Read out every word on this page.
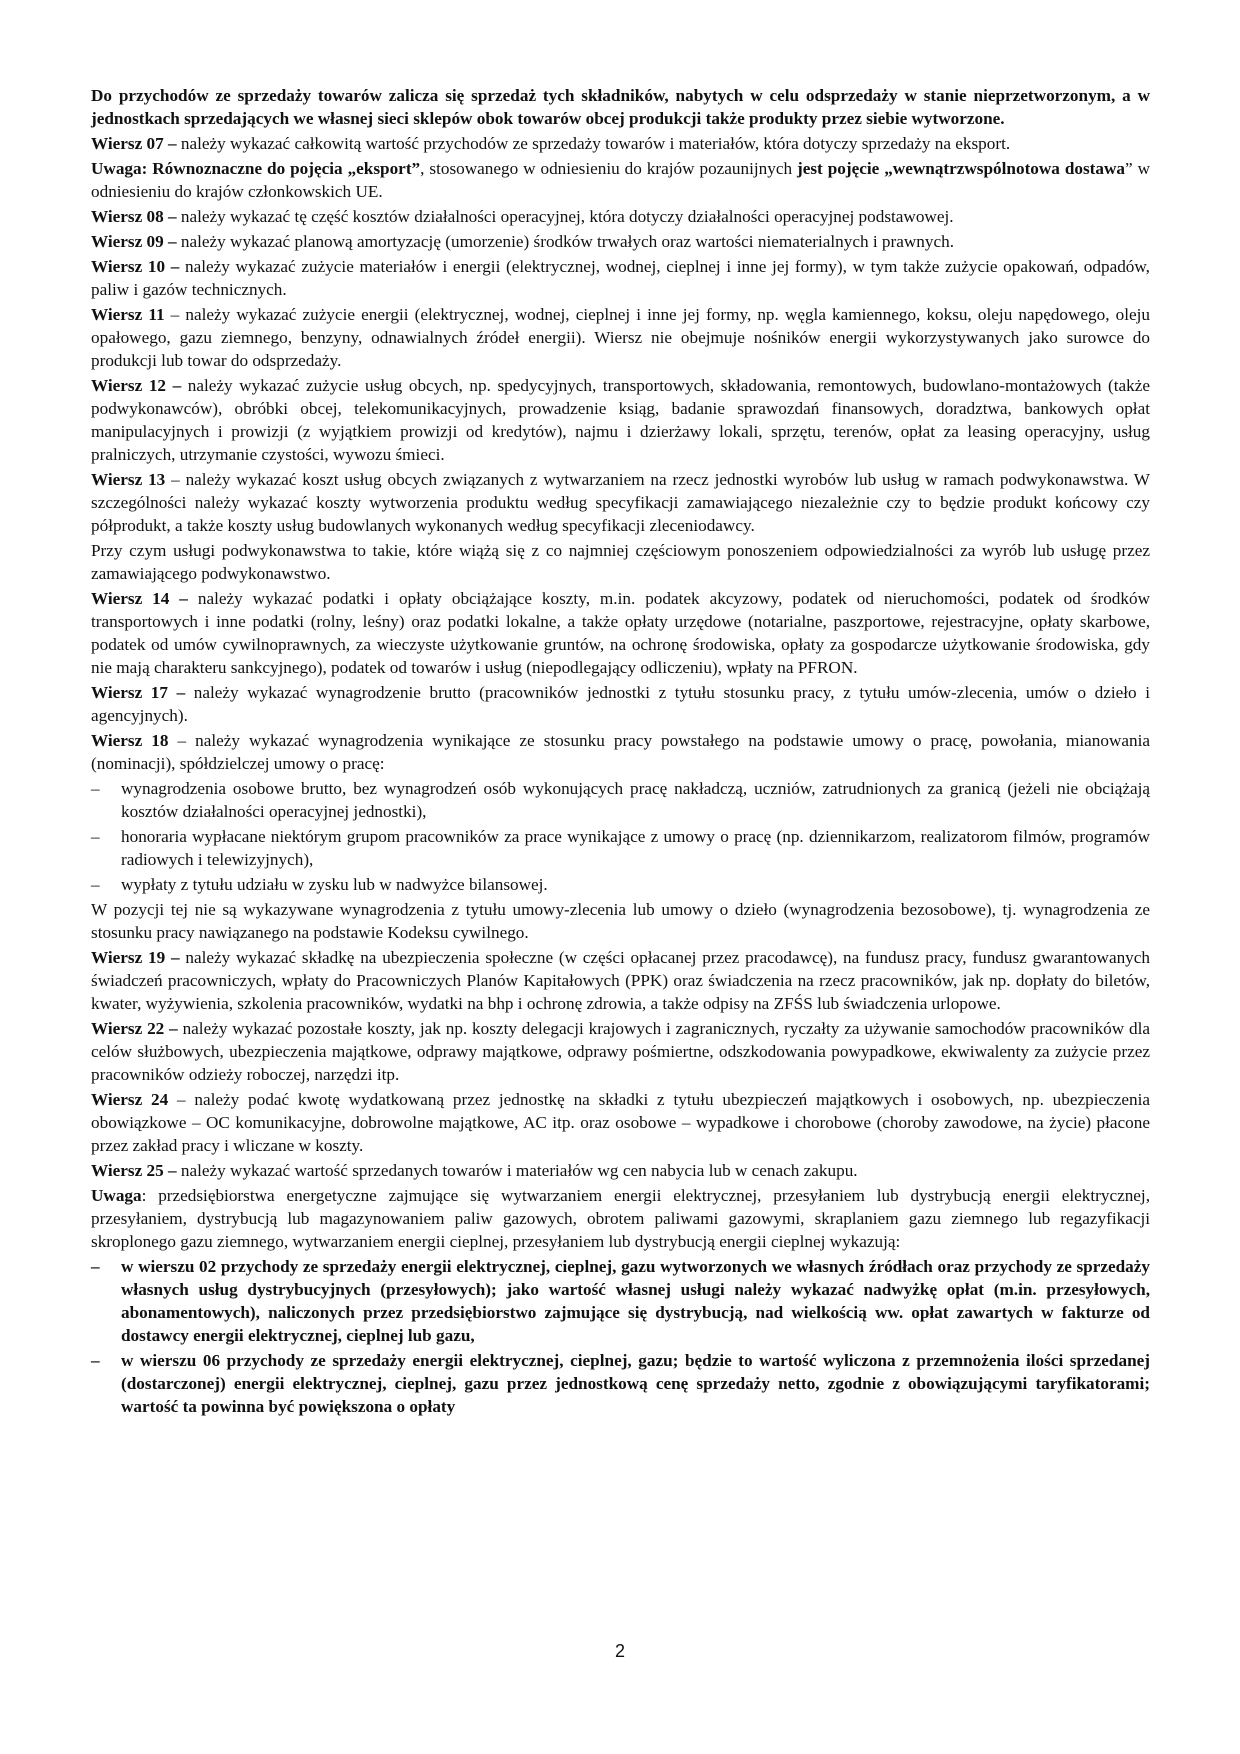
Do przychodów ze sprzedaży towarów zalicza się sprzedaż tych składników, nabytych w celu odsprzedaży w stanie nieprzetworzonym, a w jednostkach sprzedających we własnej sieci sklepów obok towarów obcej produkcji także produkty przez siebie wytworzone.

Wiersz 07 – należy wykazać całkowitą wartość przychodów ze sprzedaży towarów i materiałów, która dotyczy sprzedaży na eksport.

Uwaga: Równoznaczne do pojęcia „eksport”, stosowanego w odniesieniu do krajów pozaunijnych jest pojęcie „wewnątrzwspólnotowa dostawa” w odniesieniu do krajów członkowskich UE.

Wiersz 08 – należy wykazać tę część kosztów działalności operacyjnej, która dotyczy działalności operacyjnej podstawowej.

Wiersz 09 – należy wykazać planową amortyzację (umorzenie) środków trwałych oraz wartości niematerialnych i prawnych.

Wiersz 10 – należy wykazać zużycie materiałów i energii (elektrycznej, wodnej, cieplnej i inne jej formy), w tym także zużycie opakowań, odpadów, paliw i gazów technicznych.

Wiersz 11 – należy wykazać zużycie energii (elektrycznej, wodnej, cieplnej i inne jej formy, np. węgla kamiennego, koksu, oleju napędowego, oleju opałowego, gazu ziemnego, benzyny, odnawialnych źródeł energii). Wiersz nie obejmuje nośników energii wykorzystywanych jako surowce do produkcji lub towar do odsprzedaży.

Wiersz 12 – należy wykazać zużycie usług obcych, np. spedycyjnych, transportowych, składowania, remontowych, budowlano-montażowych (także podwykonawców), obróbki obcej, telekomunikacyjnych, prowadzenie ksiąg, badanie sprawozdań finansowych, doradztwa, bankowych opłat manipulacyjnych i prowizji (z wyjątkiem prowizji od kredytów), najmu i dzierżawy lokali, sprzętu, terenów, opłat za leasing operacyjny, usług pralniczych, utrzymanie czystości, wywozu śmieci.

Wiersz 13 – należy wykazać koszt usług obcych związanych z wytwarzaniem na rzecz jednostki wyrobów lub usług w ramach podwykonawstwa. W szczególności należy wykazać koszty wytworzenia produktu według specyfikacji zamawiającego niezależnie czy to będzie produkt końcowy czy półprodukt, a także koszty usług budowlanych wykonanych według specyfikacji zleceniodawcy.

Przy czym usługi podwykonawstwa to takie, które wiążą się z co najmniej częściowym ponoszeniem odpowiedzialności za wyrób lub usługę przez zamawiającego podwykonawstwo.

Wiersz 14 – należy wykazać podatki i opłaty obciążające koszty, m.in. podatek akcyzowy, podatek od nieruchomości, podatek od środków transportowych i inne podatki (rolny, leśny) oraz podatki lokalne, a także opłaty urzędowe (notarialne, paszportowe, rejestracyjne, opłaty skarbowe, podatek od umów cywilnoprawnych, za wieczyste użytkowanie gruntów, na ochronę środowiska, opłaty za gospodarcze użytkowanie środowiska, gdy nie mają charakteru sankcyjnego), podatek od towarów i usług (niepodlegający odliczeniu), wpłaty na PFRON.

Wiersz 17 – należy wykazać wynagrodzenie brutto (pracowników jednostki z tytułu stosunku pracy, z tytułu umów-zlecenia, umów o dzieło i agencyjnych).

Wiersz 18 – należy wykazać wynagrodzenia wynikające ze stosunku pracy powstałego na podstawie umowy o pracę, powołania, mianowania (nominacji), spółdzielczej umowy o pracę:

–	wynagrodzenia osobowe brutto, bez wynagrodzeń osób wykonujących pracę nakładczą, uczniów, zatrudnionych za granicą (jeżeli nie obciążają kosztów działalności operacyjnej jednostki),
–	honoraria wypłacane niektórym grupom pracowników za prace wynikające z umowy o pracę (np. dziennikarzom, realizatorom filmów, programów radiowych i telewizyjnych),
–	wypłaty z tytułu udziału w zysku lub w nadwyżce bilansowej.

W pozycji tej nie są wykazywane wynagrodzenia z tytułu umowy-zlecenia lub umowy o dzieło (wynagrodzenia bezosobowe), tj. wynagrodzenia ze stosunku pracy nawiązanego na podstawie Kodeksu cywilnego.

Wiersz 19 – należy wykazać składkę na ubezpieczenia społeczne (w części opłacanej przez pracodawcę), na fundusz pracy, fundusz gwarantowanych świadczeń pracowniczych, wpłaty do Pracowniczych Planów Kapitałowych (PPK) oraz świadczenia na rzecz pracowników, jak np. dopłaty do biletów, kwater, wyżywienia, szkolenia pracowników, wydatki na bhp i ochronę zdrowia, a także odpisy na ZFŚS lub świadczenia urlopowe.

Wiersz 22 – należy wykazać pozostałe koszty, jak np. koszty delegacji krajowych i zagranicznych, ryczałty za używanie samochodów pracowników dla celów służbowych, ubezpieczenia majątkowe, odprawy majątkowe, odprawy pośmiertne, odszkodowania powypadkowe, ekwiwalenty za zużycie przez pracowników odzieży roboczej, narzędzi itp.

Wiersz 24 – należy podać kwotę wydatkowaną przez jednostkę na składki z tytułu ubezpieczeń majątkowych i osobowych, np. ubezpieczenia obowiązkowe – OC komunikacyjne, dobrowolne majątkowe, AC itp. oraz osobowe – wypadkowe i chorobowe (choroby zawodowe, na życie) płacone przez zakład pracy i wliczane w koszty.

Wiersz 25 – należy wykazać wartość sprzedanych towarów i materiałów wg cen nabycia lub w cenach zakupu.

Uwaga: przedsiębiorstwa energetyczne zajmujące się wytwarzaniem energii elektrycznej, przesyłaniem lub dystrybucją energii elektrycznej, przesyłaniem, dystrybucją lub magazynowaniem paliw gazowych, obrotem paliwami gazowymi, skraplaniem gazu ziemnego lub regazyfikacji skroplonego gazu ziemnego, wytwarzaniem energii cieplnej, przesyłaniem lub dystrybucją energii cieplnej wykazują:

–	w wierszu 02 przychody ze sprzedaży energii elektrycznej, cieplnej, gazu wytworzonych we własnych źródłach oraz przychody ze sprzedaży własnych usług dystrybucyjnych (przesyłowych); jako wartość własnej usługi należy wykazać nadwyżkę opłat (m.in. przesyłowych, abonamentowych), naliczonych przez przedsiębiorstwo zajmujące się dystrybucją, nad wielkością ww. opłat zawartych w fakturze od dostawcy energii elektrycznej, cieplnej lub gazu,
–	w wierszu 06 przychody ze sprzedaży energii elektrycznej, cieplnej, gazu; będzie to wartość wyliczona z przemnożenia ilości sprzedanej (dostarczonej) energii elektrycznej, cieplnej, gazu przez jednostkową cenę sprzedaży netto, zgodnie z obowiązującymi taryfikatorami; wartość ta powinna być powiększona o opłaty
2
